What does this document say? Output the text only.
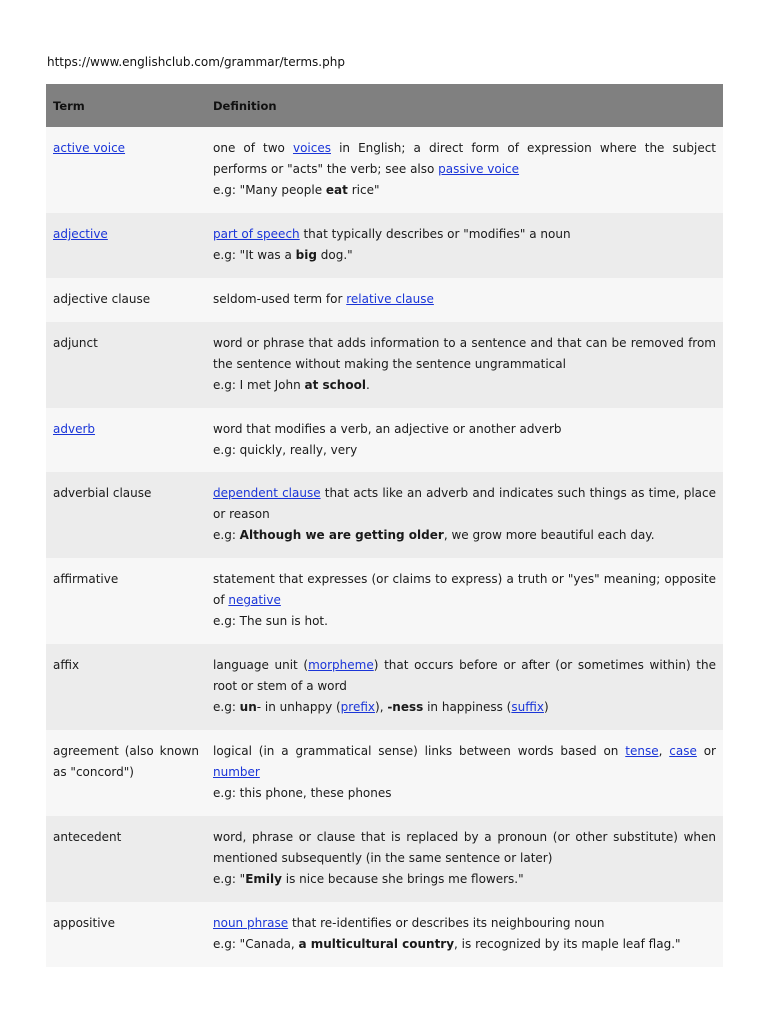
https://www.englishclub.com/grammar/terms.php
Term	Definition
active voice	one of two voices in English; a direct form of expression where the subject performs or "acts" the verb; see also passive voice
e.g: "Many people eat rice"

adjective	part of speech that typically describes or "modifies" a noun
e.g: "It was a big dog."

adjective clause	seldom-used term for relative clause

adjunct	word or phrase that adds information to a sentence and that can be removed from the sentence without making the sentence ungrammatical
e.g: I met John at school.

adverb	word that modifies a verb, an adjective or another adverb
e.g: quickly, really, very

adverbial clause	dependent clause that acts like an adverb and indicates such things as time, place or reason
e.g: Although we are getting older, we grow more beautiful each day.

affirmative	statement that expresses (or claims to express) a truth or "yes" meaning; opposite of negative
e.g: The sun is hot.

affix	language unit (morpheme) that occurs before or after (or sometimes within) the root or stem of a word
e.g: un- in unhappy (prefix), -ness in happiness (suffix)

agreement (also known as "concord")	logical (in a grammatical sense) links between words based on tense, case or number
e.g: this phone, these phones

antecedent	word, phrase or clause that is replaced by a pronoun (or other substitute) when mentioned subsequently (in the same sentence or later)
e.g: "Emily is nice because she brings me flowers."

appositive	noun phrase that re-identifies or describes its neighbouring noun
e.g: "Canada, a multicultural country, is recognized by its maple leaf flag."
